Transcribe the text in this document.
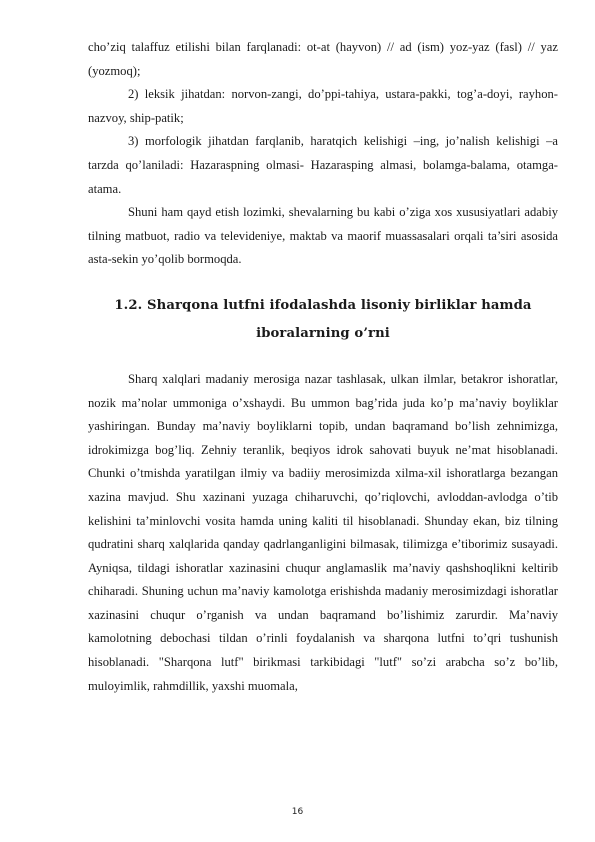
cho’ziq talaffuz etilishi bilan farqlanadi: ot-at (hayvon) // ad (ism) yoz-yaz (fasl) // yaz (yozmoq);

2) leksik jihatdan: norvon-zangi, do’ppi-tahiya, ustara-pakki, tog’a-doyi, rayhon-nazvoy, ship-patik;

3) morfologik jihatdan farqlanib, haratqich kelishigi –ing, jo’nalish kelishigi –a tarzda qo’laniladi: Hazaraspning olmasi- Hazarasping almasi, bolamga-balama, otamga-atama.

Shuni ham qayd etish lozimki, shevalarning bu kabi o’ziga xos xususiyatlari adabiy tilning matbuot, radio va televideniye, maktab va maorif muassasalari orqali ta’siri asosida asta-sekin yo’qolib bormoqda.

1.2. Sharqona lutfni ifodalashda lisoniy birliklar hamda
iboralarning o’rni

Sharq xalqlari madaniy merosiga nazar tashlasak, ulkan ilmlar, betakror ishoratlar, nozik ma’nolar ummoniga o’xshaydi. Bu ummon bag’rida juda ko’p ma’naviy boyliklar yashiringan. Bunday ma’naviy boyliklarni topib, undan baqramand bo’lish zehnimizga, idrokimizga bog’liq. Zehniy teranlik, beqiyos idrok sahovati buyuk ne’mat hisoblanadi. Chunki o’tmishda yaratilgan ilmiy va badiiy merosimizda xilma-xil ishoratlarga bezangan xazina mavjud. Shu xazinani yuzaga chiharuvchi, qo’riqlovchi, avloddan-avlodga o’tib kelishini ta’minlovchi vosita hamda uning kaliti til hisoblanadi. Shunday ekan, biz tilning qudratini sharq xalqlarida qanday qadrlanganligini bilmasak, tilimizga e’tiborimiz susayadi. Ayniqsa, tildagi ishoratlar xazinasini chuqur anglamaslik ma’naviy qashshoqlikni keltirib chiharadi. Shuning uchun ma’naviy kamolotga erishishda madaniy merosimizdagi ishoratlar xazinasini chuqur o’rganish va undan baqramand bo’lishimiz zarurdir. Ma’naviy kamolotning debochasi tildan o’rinli foydalanish va sharqona lutfni to’qri tushunish hisoblanadi. "Sharqona lutf" birikmasi tarkibidagi "lutf" so’zi arabcha so’z bo’lib, muloyimlik, rahmdillik, yaxshi muomala,

16
